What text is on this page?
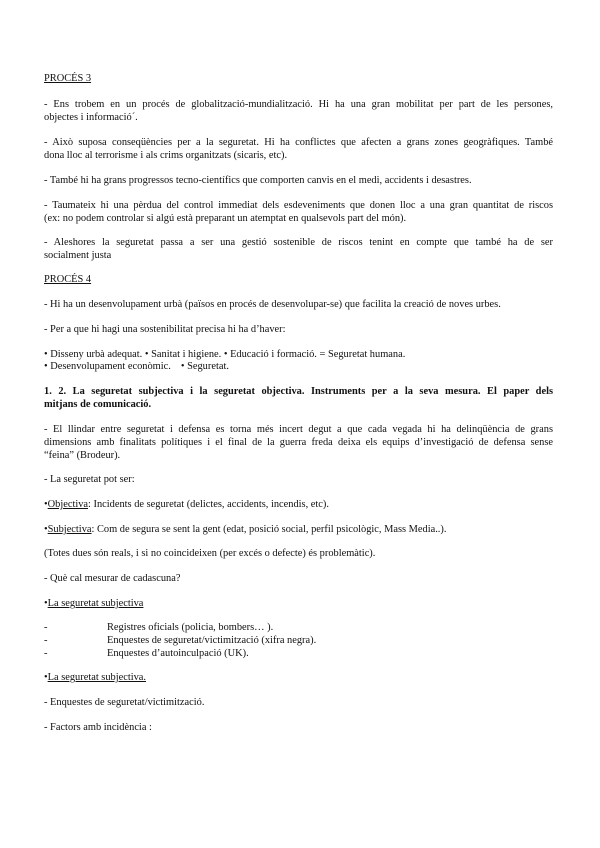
PROCÉS 3
- Ens trobem en un procés de globalització-mundialització. Hi ha una gran mobilitat per part de les persones,
objectes i informació´.
- Això suposa conseqüències per a la seguretat. Hi ha conflictes que afecten a grans zones geogràfiques. També
dona lloc al terrorisme i als crims organitzats (sicaris, etc).
- També hi ha grans progressos tecno-científics que comporten canvis en el medi, accidents i desastres.
- Taumateix hi una pèrdua del control immediat dels esdeveniments que donen lloc a una gran quantitat de riscos
(ex: no podem controlar si algú està preparant un atemptat en qualsevols part del món).
- Aleshores la seguretat passa a ser una gestió sostenible de riscos tenint en compte que també ha de ser
socialment justa
PROCÉS 4
- Hi ha un desenvolupament urbà (països en procés de desenvolupar-se) que facilita la creació de noves urbes.
- Per a que hi hagi una sostenibilitat precisa hi ha d’haver:
• Disseny urbà adequat. • Sanitat i higiene. • Educació i formació. = Seguretat humana.
• Desenvolupament econòmic. • Seguretat.
1. 2. La seguretat subjectiva i la seguretat objectiva. Instruments per a la seva mesura. El paper dels
mitjans de comunicació.
- El llindar entre seguretat i defensa es torna més incert degut a que cada vegada hi ha delinqüència de grans
dimensions amb finalitats polítiques i el final de la guerra freda deixa els equips d’investigació de defensa sense
“feina” (Brodeur).
- La seguretat pot ser:
•Objectiva: Incidents de seguretat (delictes, accidents, incendis, etc).
•Subjectiva: Com de segura se sent la gent (edat, posició social, perfil psicològic, Mass Media..).
(Totes dues són reals, i si no coincideixen (per excés o defecte) és problemàtic).
- Què cal mesurar de cadascuna?
•La seguretat subjectiva
-	Registres oficials (policia, bombers… ).
-	Enquestes de seguretat/victimització (xifra negra).
-	Enquestes d’autoinculpació (UK).
•La seguretat subjectiva.
- Enquestes de seguretat/victimització.
- Factors amb incidència :
